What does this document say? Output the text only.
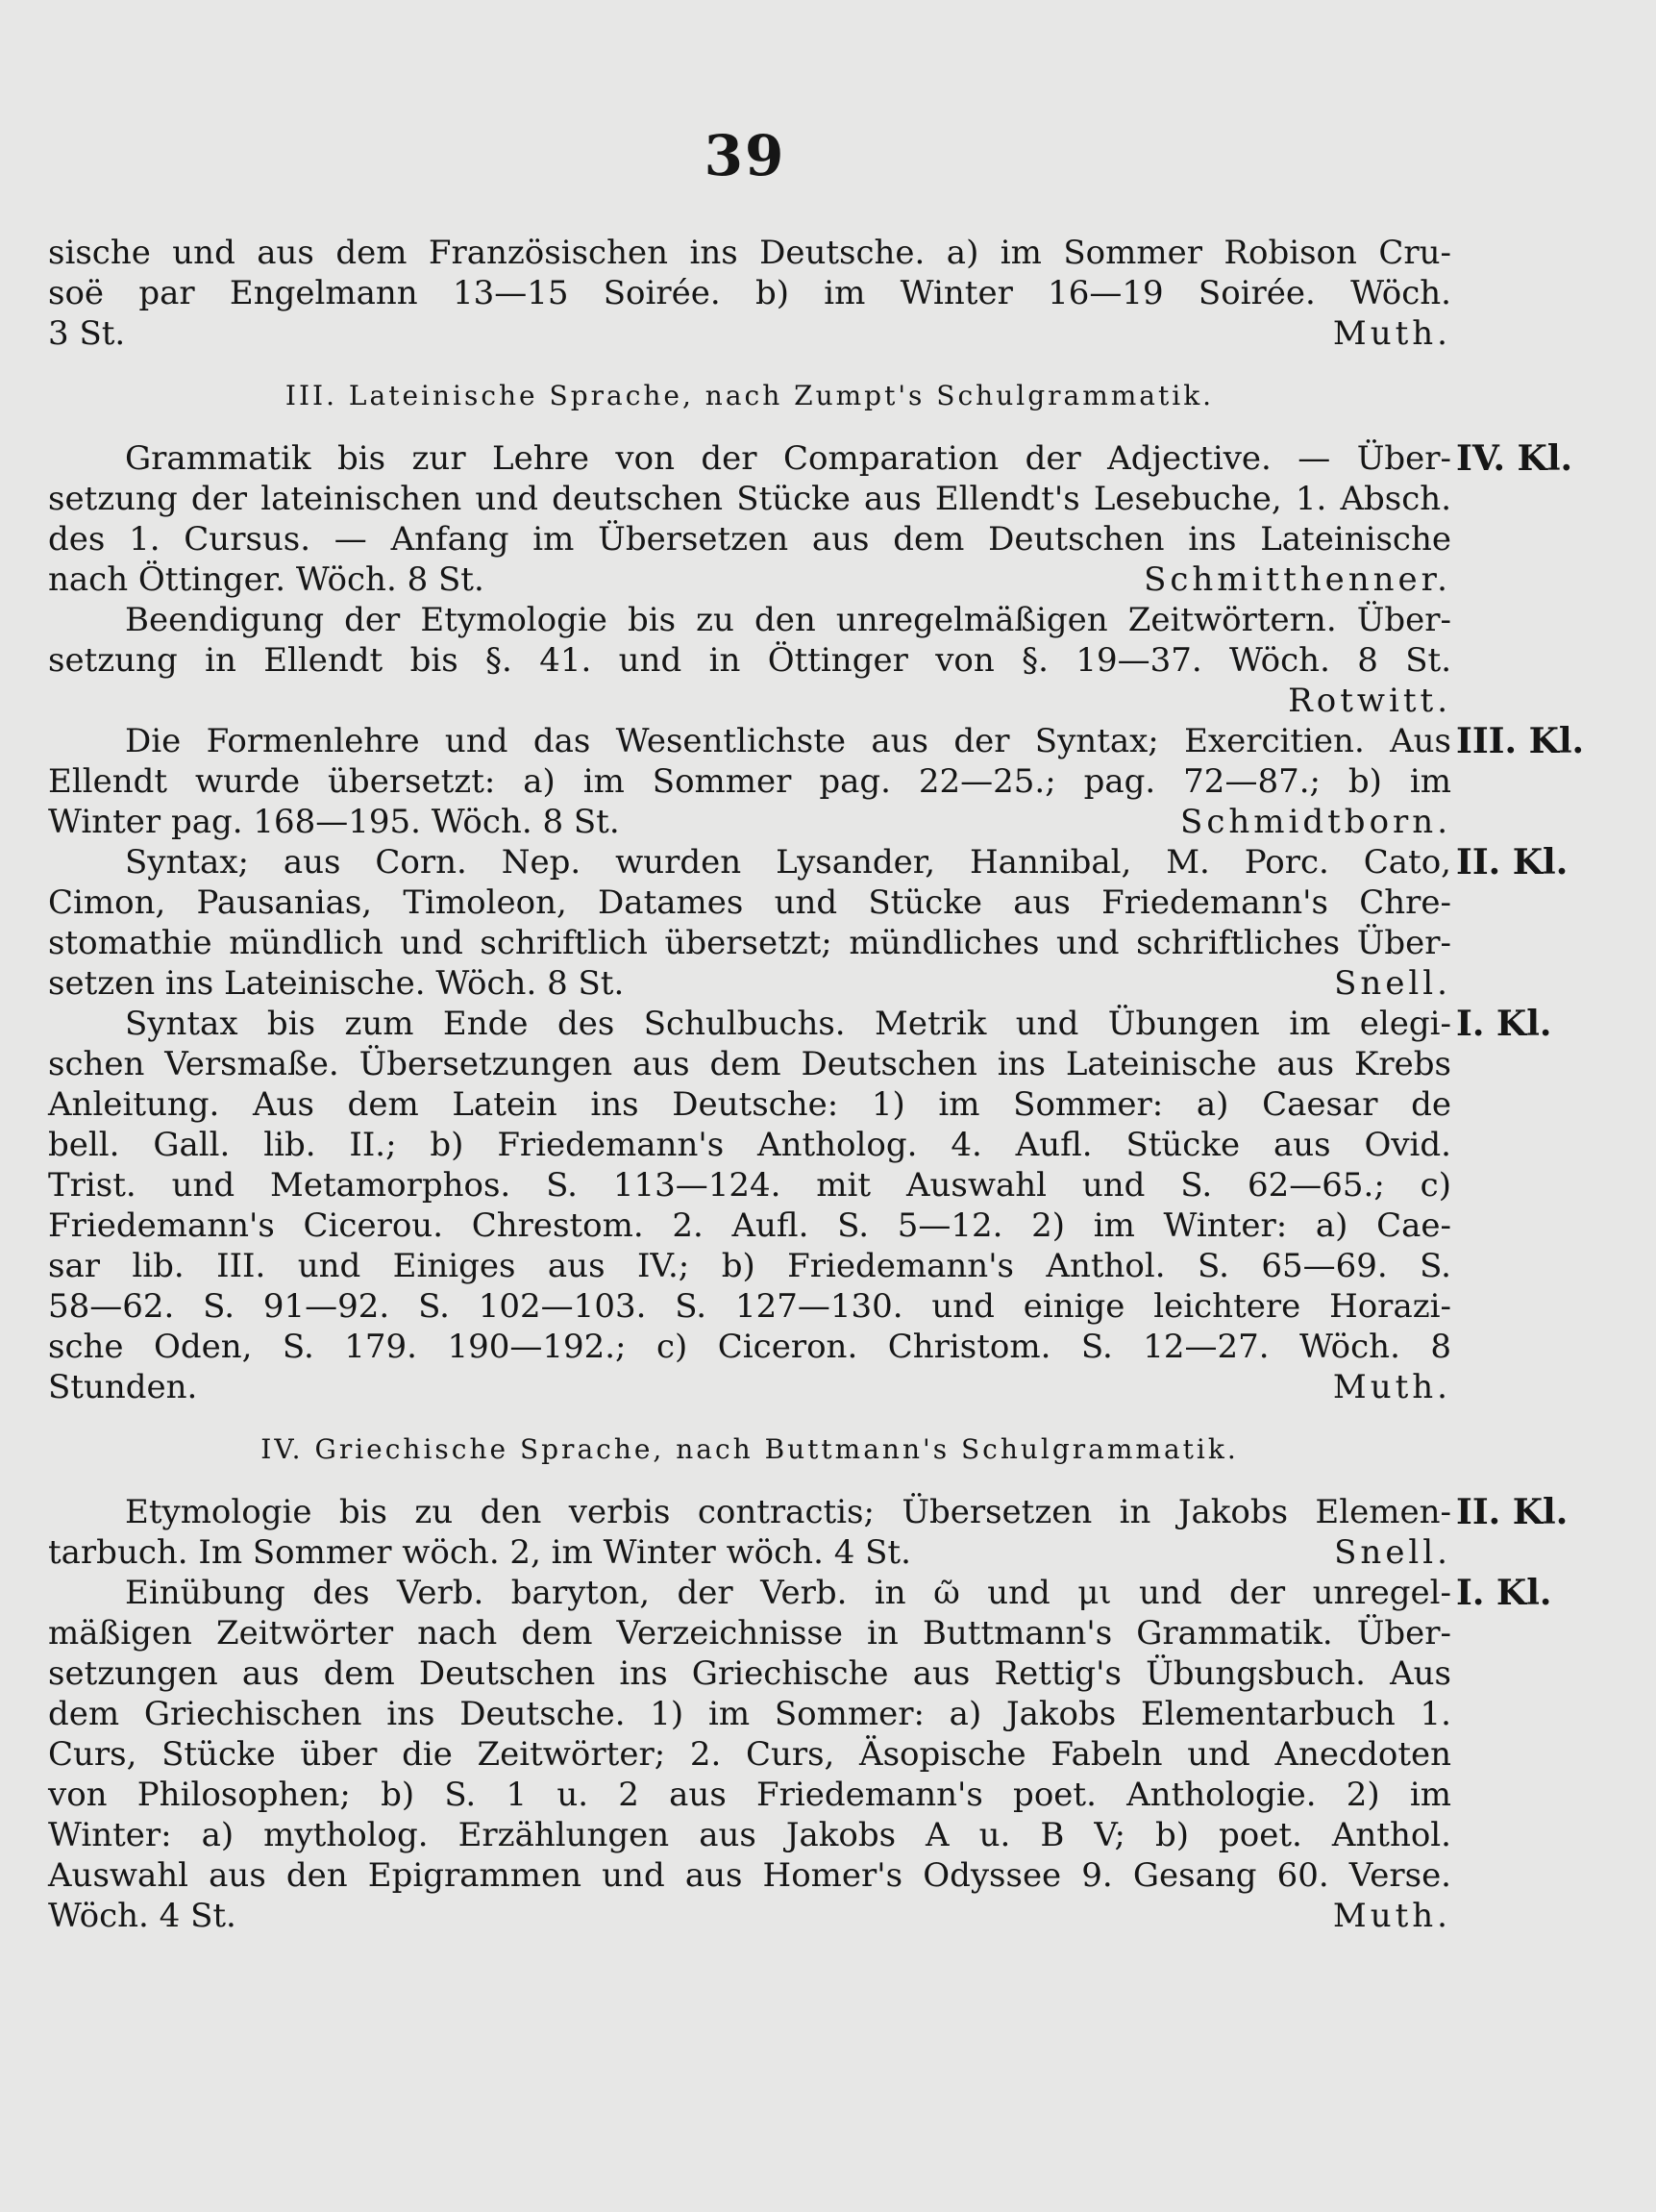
39
sische und aus dem Französischen ins Deutsche. a) im Sommer Robison Cru-
soë par Engelmann 13—15 Soirée. b) im Winter 16—19 Soirée. Wöch.
3 St.	Muth.
III. Lateinische Sprache, nach Zumpt's Schulgrammatik.
Grammatik bis zur Lehre von der Comparation der Adjective. — Über- IV. Kl.
setzung der lateinischen und deutschen Stücke aus Ellendt's Lesebuche, 1. Absch.
des 1. Cursus. — Anfang im Übersetzen aus dem Deutschen ins Lateinische
nach Öttinger. Wöch. 8 St.	Schmitthenner.
Beendigung der Etymologie bis zu den unregelmäßigen Zeitwörtern. Über-
setzung in Ellendt bis §. 41. und in Öttinger von §. 19—37. Wöch. 8 St.
Rotwitt.
Die Formenlehre und das Wesentlichste aus der Syntax; Exercitien. Aus III. Kl.
Ellendt wurde übersetzt: a) im Sommer pag. 22—25.; pag. 72—87.; b) im
Winter pag. 168—195. Wöch. 8 St.	Schmidtborn.
Syntax; aus Corn. Nep. wurden Lysander, Hannibal, M. Porc. Cato, II. Kl.
Cimon, Pausanias, Timoleon, Datames und Stücke aus Friedemann's Chre-
stomathie mündlich und schriftlich übersetzt; mündliches und schriftliches Über-
setzen ins Lateinische. Wöch. 8 St.	Snell.
Syntax bis zum Ende des Schulbuchs. Metrik und Übungen im elegi- I. Kl.
schen Versmaße. Übersetzungen aus dem Deutschen ins Lateinische aus Krebs
Anleitung. Aus dem Latein ins Deutsche: 1) im Sommer: a) Caesar de
bell. Gall. lib. II.; b) Friedemann's Antholog. 4. Aufl. Stücke aus Ovid.
Trist. und Metamorphos. S. 113—124. mit Auswahl und S. 62—65.; c)
Friedemann's Cicerou. Chrestom. 2. Aufl. S. 5—12. 2) im Winter: a) Cae-
sar lib. III. und Einiges aus IV.; b) Friedemann's Anthol. S. 65—69. S.
58—62. S. 91—92. S. 102—103. S. 127—130. und einige leichtere Horazi-
sche Oden, S. 179. 190—192.; c) Ciceron. Christom. S. 12—27. Wöch. 8
Stunden.	Muth.
IV. Griechische Sprache, nach Buttmann's Schulgrammatik.
Etymologie bis zu den verbis contractis; Übersetzen in Jakobs Elemen- II. Kl.
tarbuch. Im Sommer wöch. 2, im Winter wöch. 4 St.	Snell.
Einübung des Verb. baryton, der Verb. in ῶ und μι und der unregel- I. Kl.
mäßigen Zeitwörter nach dem Verzeichnisse in Buttmann's Grammatik. Über-
setzungen aus dem Deutschen ins Griechische aus Rettig's Übungsbuch. Aus
dem Griechischen ins Deutsche. 1) im Sommer: a) Jakobs Elementarbuch 1.
Curs, Stücke über die Zeitwörter; 2. Curs, Äsopische Fabeln und Anecdoten
von Philosophen; b) S. 1 u. 2 aus Friedemann's poet. Anthologie. 2) im
Winter: a) mytholog. Erzählungen aus Jakobs A u. B V; b) poet. Anthol.
Auswahl aus den Epigrammen und aus Homer's Odyssee 9. Gesang 60. Verse.
Wöch. 4 St.	Muth.
